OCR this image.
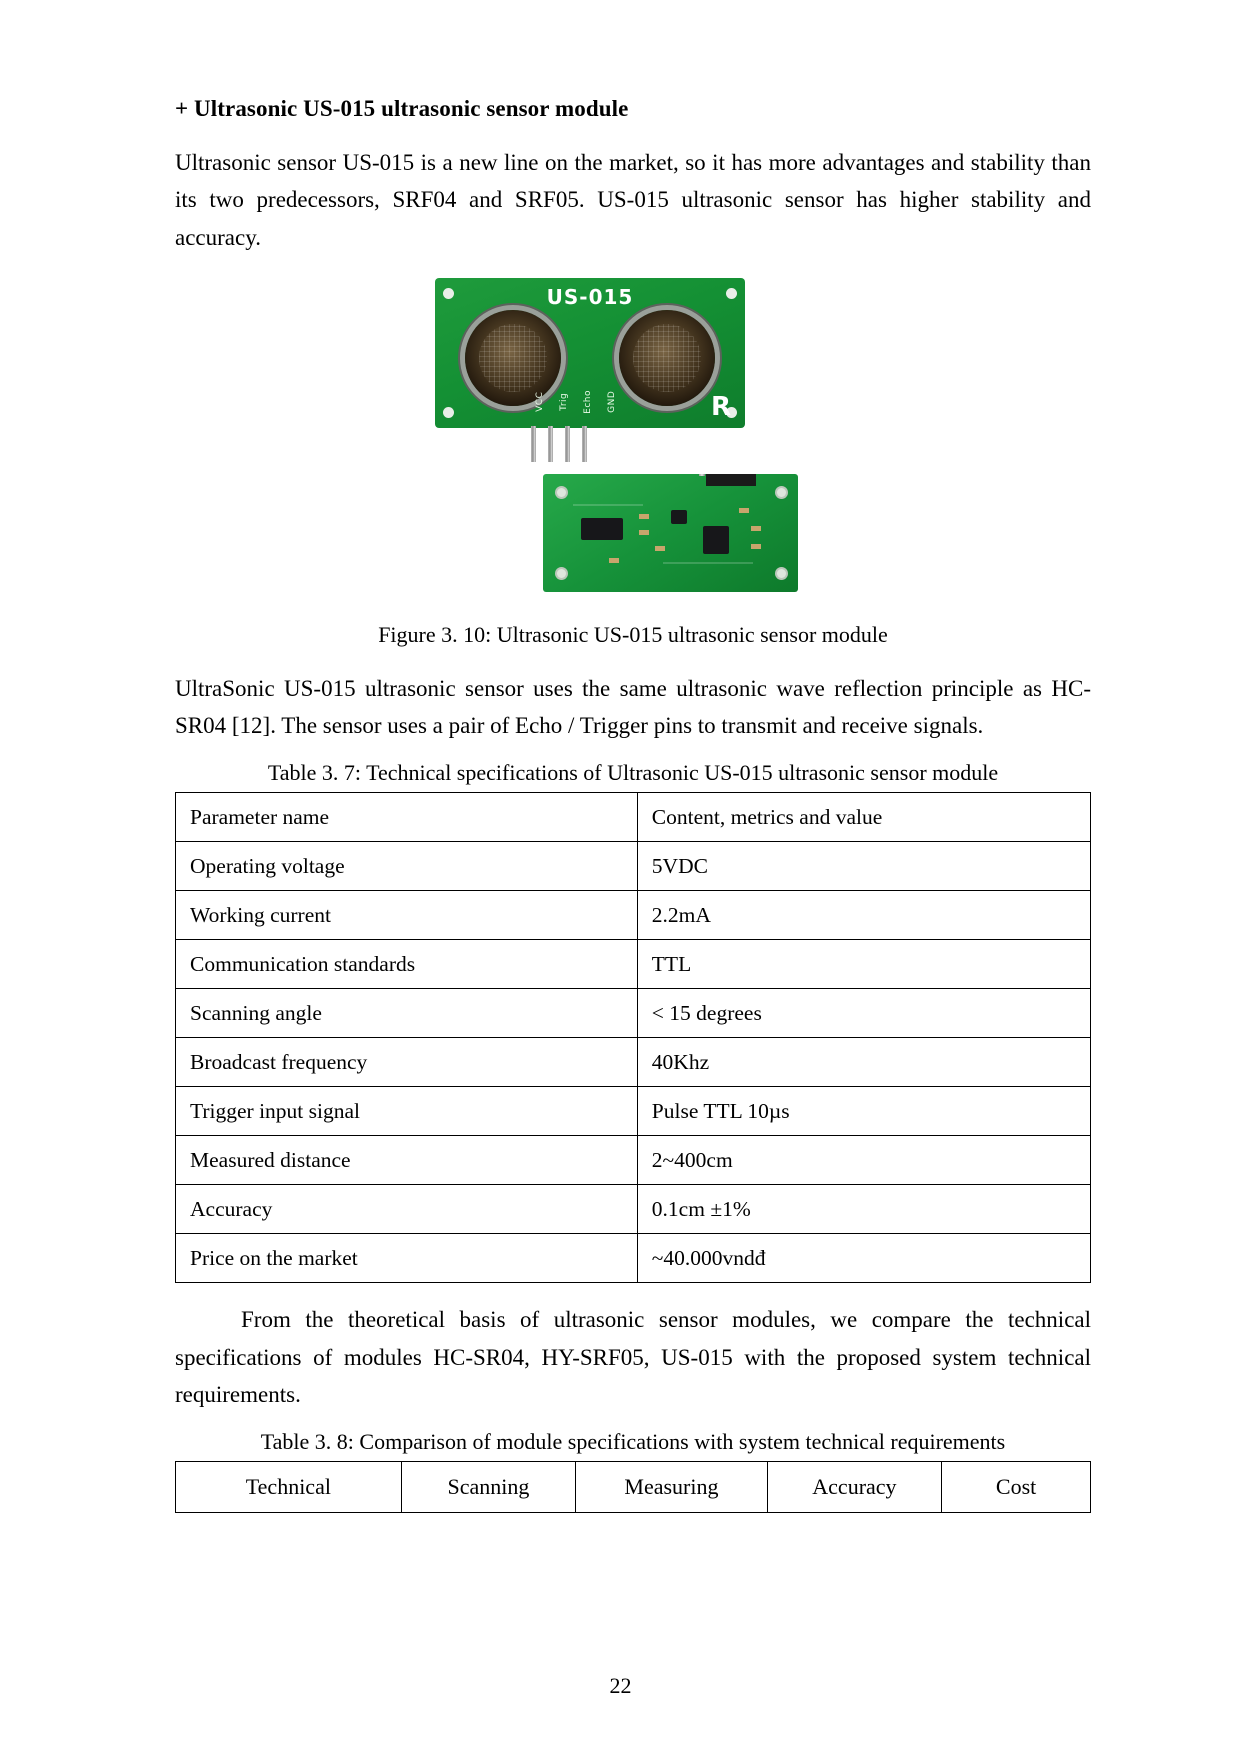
+ Ultrasonic US-015 ultrasonic sensor module

Ultrasonic sensor US-015 is a new line on the market, so it has more advantages and stability than its two predecessors, SRF04 and SRF05. US-015 ultrasonic sensor has higher stability and accuracy.

US-015
VCC Trig Echo GND	R
Figure 3. 10: Ultrasonic US-015 ultrasonic sensor module

UltraSonic US-015 ultrasonic sensor uses the same ultrasonic wave reflection principle as HC-SR04 [12]. The sensor uses a pair of Echo / Trigger pins to transmit and receive signals.

Table 3. 7: Technical specifications of Ultrasonic US-015 ultrasonic sensor module
Parameter name	Content, metrics and value
Operating voltage	5VDC
Working current	2.2mA
Communication standards	TTL
Scanning angle	< 15 degrees
Broadcast frequency	40Khz
Trigger input signal	Pulse TTL 10µs
Measured distance	2~400cm
Accuracy	0.1cm ±1%
Price on the market	~40.000vndđ

From the theoretical basis of ultrasonic sensor modules, we compare the technical specifications of modules HC-SR04, HY-SRF05, US-015 with the proposed system technical requirements.

Table 3. 8: Comparison of module specifications with system technical requirements
Technical	Scanning	Measuring	Accuracy	Cost
22
